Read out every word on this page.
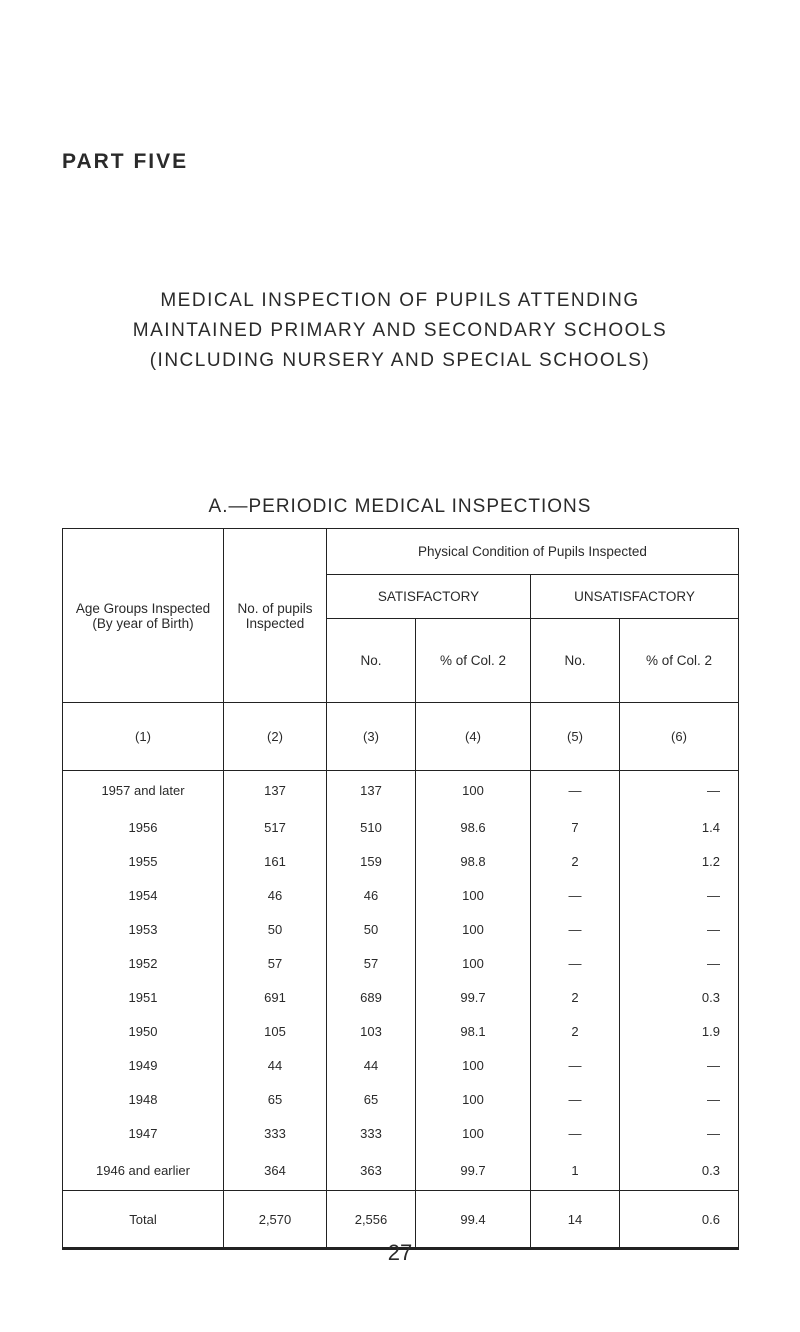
PART FIVE
MEDICAL INSPECTION OF PUPILS ATTENDING
MAINTAINED PRIMARY AND SECONDARY SCHOOLS
(INCLUDING NURSERY AND SPECIAL SCHOOLS)
A.—PERIODIC MEDICAL INSPECTIONS
Age Groups Inspected (By year of Birth)	No. of pupils Inspected	Physical Condition of Pupils Inspected			
		SATISFACTORY		UNSATISFACTORY	
		No.	% of Col. 2	No.	% of Col. 2
(1)	(2)	(3)	(4)	(5)	(6)
1957 and later	137	137	100	—	—
1956	517	510	98.6	7	1.4
1955	161	159	98.8	2	1.2
1954	46	46	100	—	—
1953	50	50	100	—	—
1952	57	57	100	—	—
1951	691	689	99.7	2	0.3
1950	105	103	98.1	2	1.9
1949	44	44	100	—	—
1948	65	65	100	—	—
1947	333	333	100	—	—
1946 and earlier	364	363	99.7	1	0.3
Total	2,570	2,556	99.4	14	0.6
27
